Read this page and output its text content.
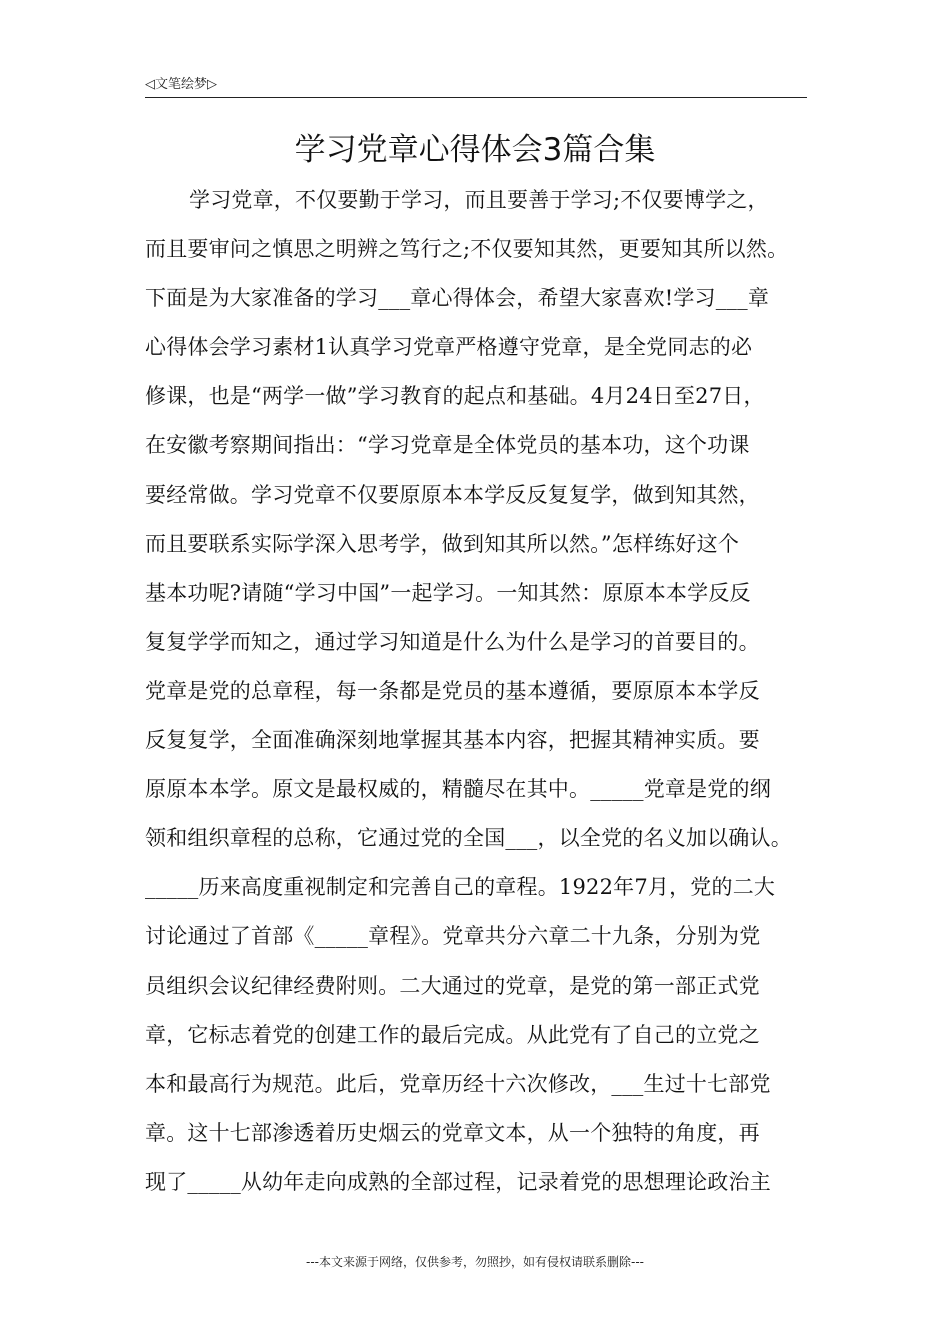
◁文笔绘梦▷
学习党章心得体会3篇合集
学习党章，不仅要勤于学习，而且要善于学习;不仅要博学之，
而且要审问之慎思之明辨之笃行之;不仅要知其然，更要知其所以然。
下面是为大家准备的学习___章心得体会，希望大家喜欢!学习___章
心得体会学习素材1认真学习党章严格遵守党章，是全党同志的必
修课，也是“两学一做”学习教育的起点和基础。4月24日至27日，
在安徽考察期间指出：“学习党章是全体党员的基本功，这个功课
要经常做。学习党章不仅要原原本本学反反复复学，做到知其然，
而且要联系实际学深入思考学，做到知其所以然。”怎样练好这个
基本功呢?请随“学习中国”一起学习。一知其然：原原本本学反反
复复学学而知之，通过学习知道是什么为什么是学习的首要目的。
党章是党的总章程，每一条都是党员的基本遵循，要原原本本学反
反复复学，全面准确深刻地掌握其基本内容，把握其精神实质。要
原原本本学。原文是最权威的，精髓尽在其中。_____党章是党的纲
领和组织章程的总称，它通过党的全国___，以全党的名义加以确认。
_____历来高度重视制定和完善自己的章程。1922年7月，党的二大
讨论通过了首部《_____章程》。党章共分六章二十九条，分别为党
员组织会议纪律经费附则。二大通过的党章，是党的第一部正式党
章，它标志着党的创建工作的最后完成。从此党有了自己的立党之
本和最高行为规范。此后，党章历经十六次修改，___生过十七部党
章。这十七部渗透着历史烟云的党章文本，从一个独特的角度，再
现了_____从幼年走向成熟的全部过程，记录着党的思想理论政治主
---本文来源于网络，仅供参考，勿照抄，如有侵权请联系删除---
